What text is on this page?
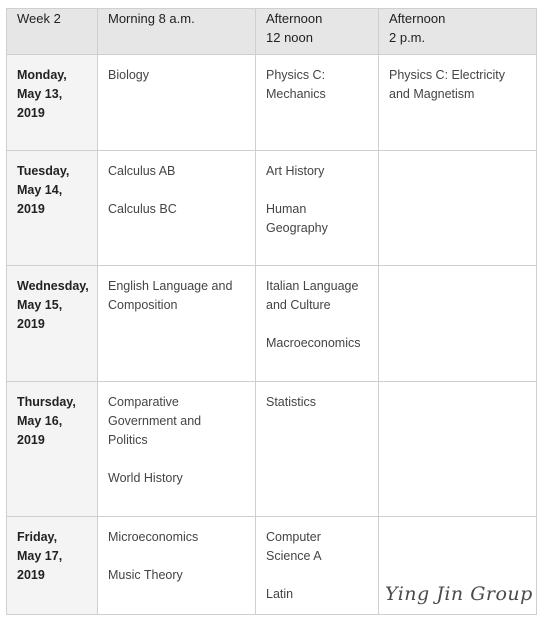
Week 2	Morning 8 a.m.	Afternoon
12 noon	Afternoon
2 p.m.

Monday,
May 13,
2019	Biology	Physics C:
Mechanics	Physics C: Electricity
and Magnetism

Tuesday,
May 14,
2019	Calculus AB
Calculus BC	Art History
Human
Geography	

Wednesday,
May 15,
2019	English Language and
Composition	Italian Language
and Culture
Macroeconomics	

Thursday,
May 16,
2019	Comparative
Government and
Politics
World History	Statistics	

Friday,
May 17,
2019	Microeconomics
Music Theory	Computer
Science A
Latin	
		Ying Jin Group
